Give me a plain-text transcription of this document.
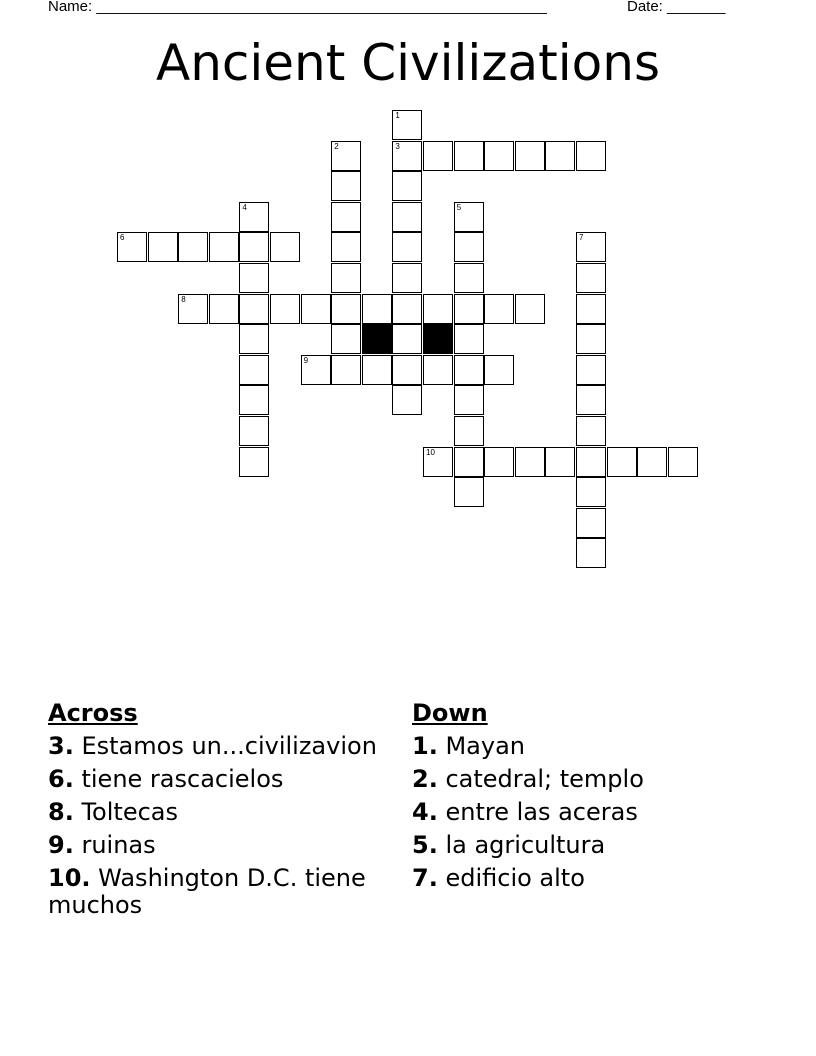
Name: ______________________________________________________	Date: _______
Ancient Civilizations
1
2	3
4	5
6	7
8
9
10
Across
3. Estamos un...civilizavion
6. tiene rascacielos
8. Toltecas
9. ruinas
10. Washington D.C. tiene muchos
Down
1. Mayan
2. catedral; templo
4. entre las aceras
5. la agricultura
7. edificio alto
